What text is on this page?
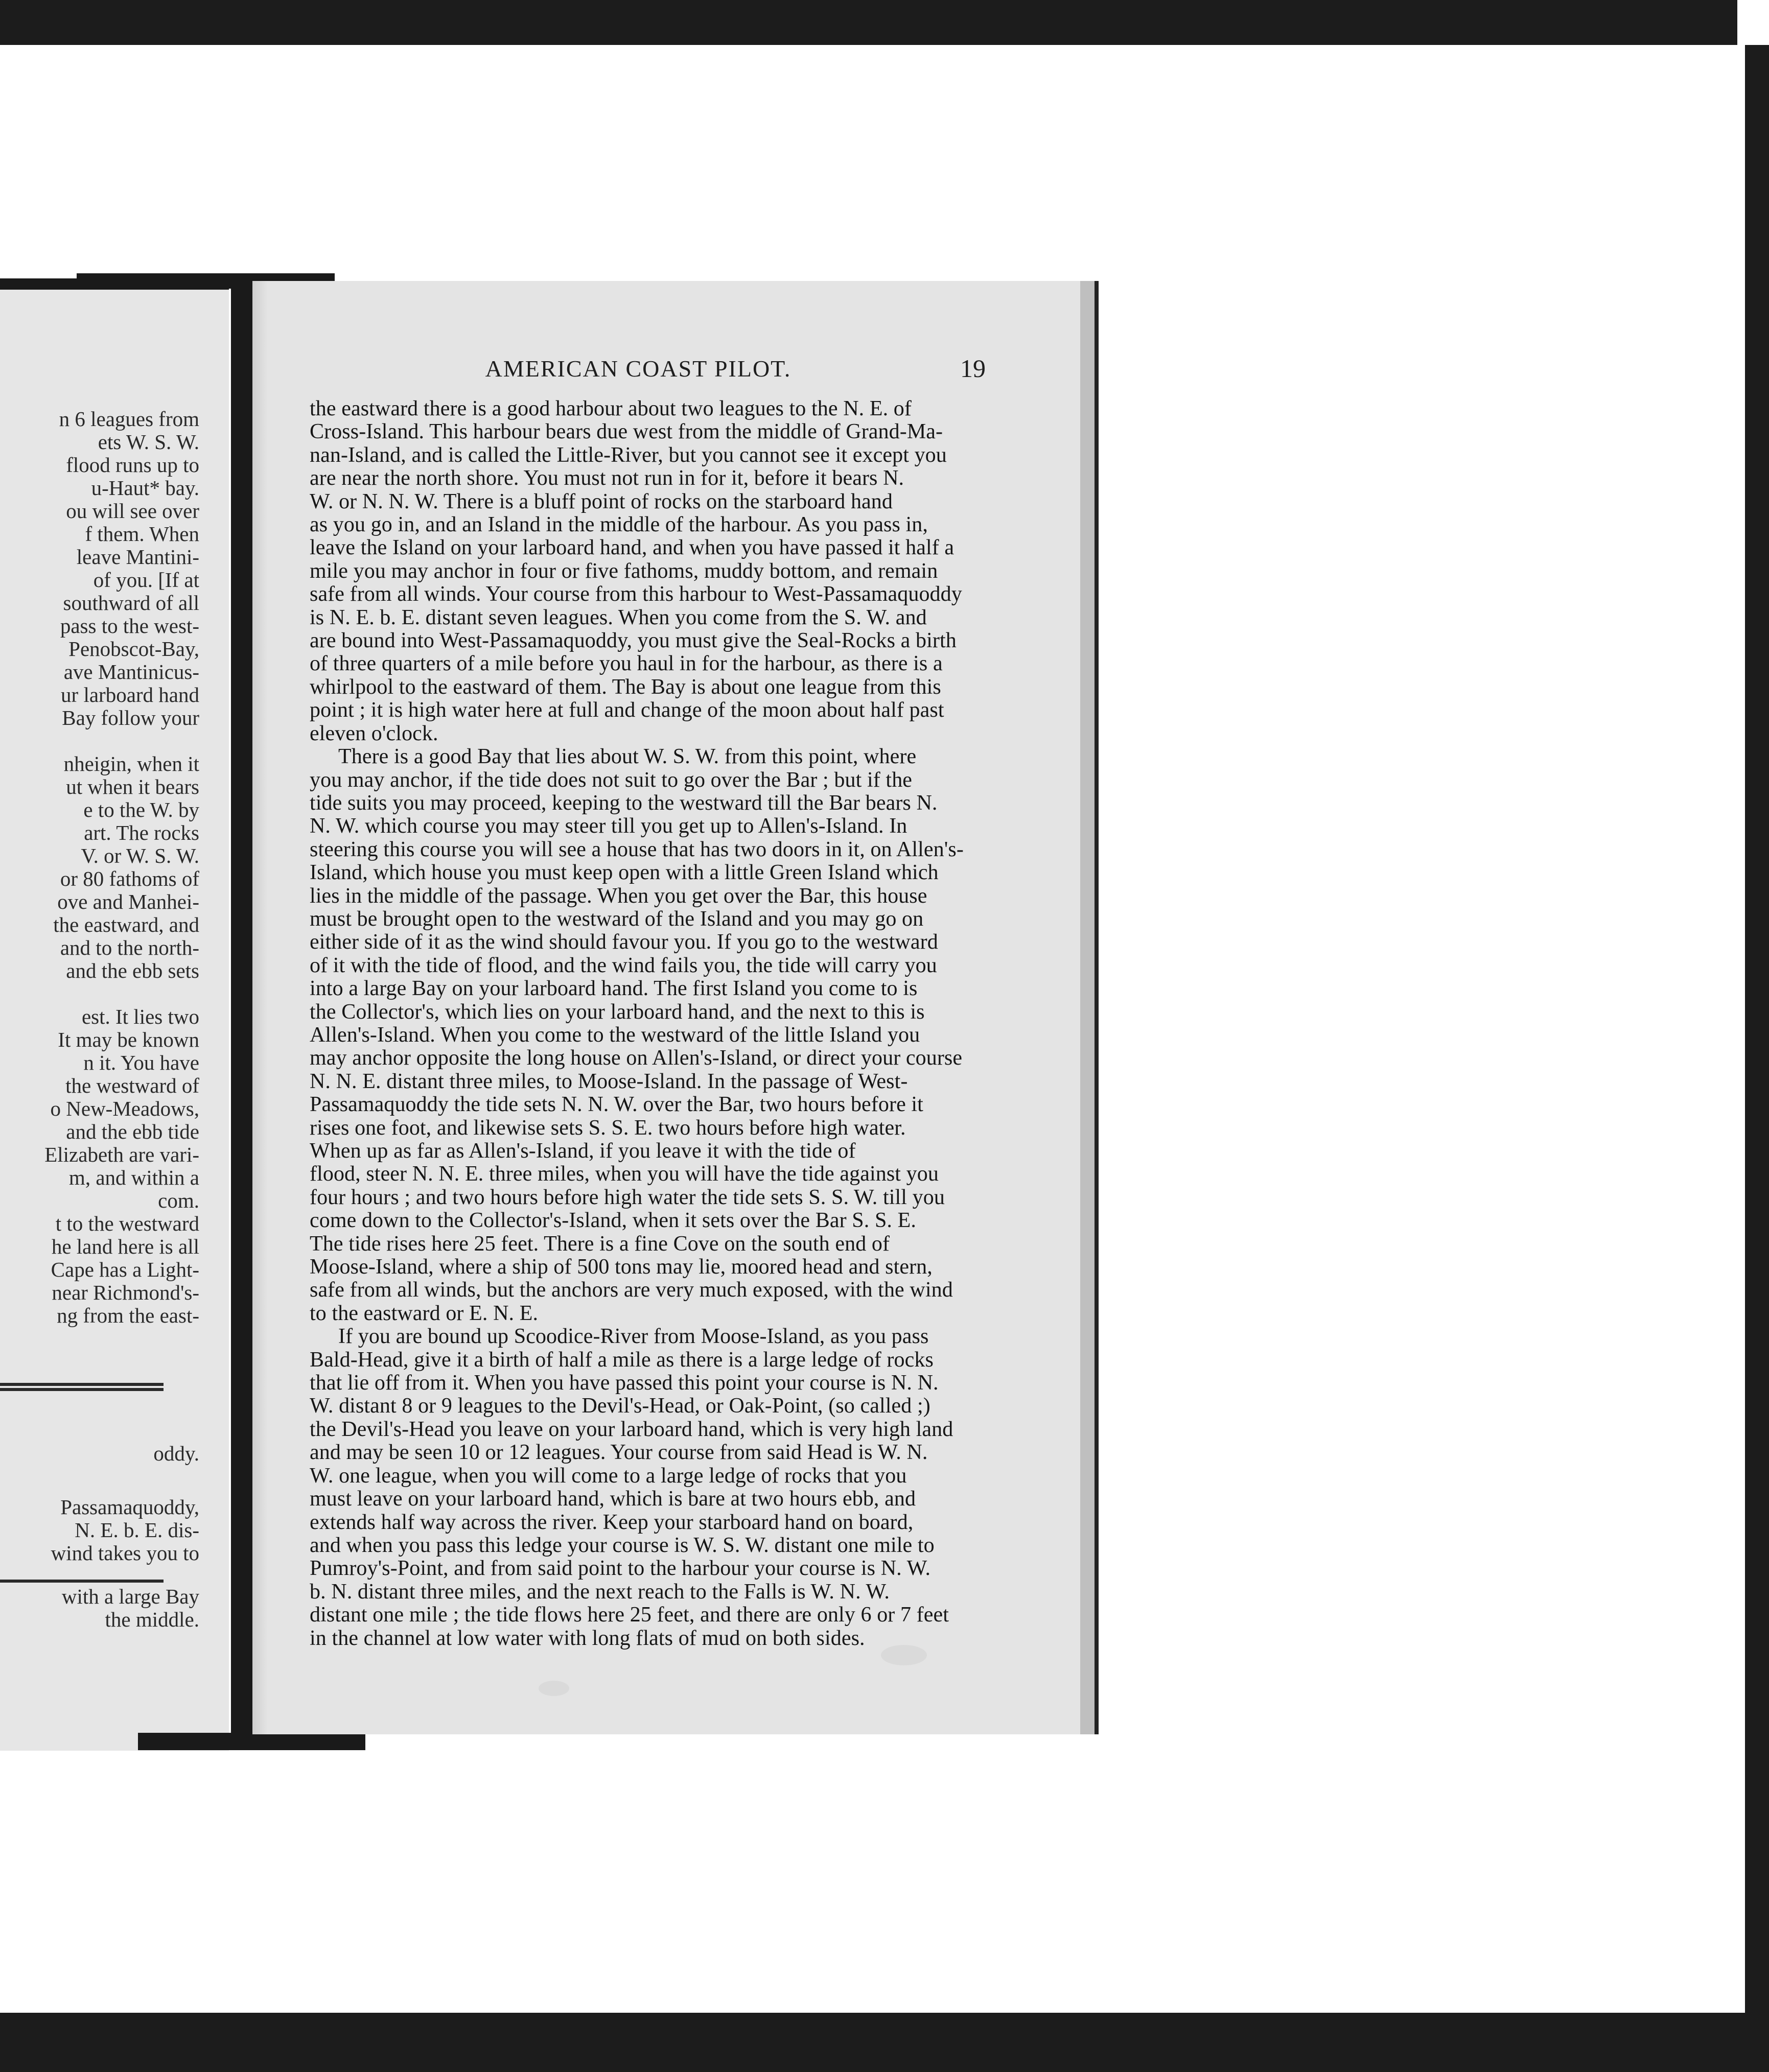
n 6 leagues from
ets W. S. W.
flood runs up to
u-Haut* bay.
ou will see over
f them. When
leave Mantini-
of you. [If at
southward of all
pass to the west-
Penobscot-Bay,
ave Mantinicus-
ur larboard hand
Bay follow your
nheigin, when it
ut when it bears
e to the W. by
art. The rocks
V. or W. S. W.
or 80 fathoms of
ove and Manhei-
the eastward, and
and to the north-
and the ebb sets
est. It lies two
It may be known
n it. You have
the westward of
o New-Meadows,
and the ebb tide
Elizabeth are vari-
m, and within a
com.
t to the westward
he land here is all
Cape has a Light-
near Richmond's-
ng from the east-
oddy.
Passamaquoddy,
N. E. b. E. dis-
wind takes you to
with a large Bay
the middle.
AMERICAN COAST PILOT.	19
the eastward there is a good harbour about two leagues to the N. E. of
Cross-Island. This harbour bears due west from the middle of Grand-Ma-
nan-Island, and is called the Little-River, but you cannot see it except you
are near the north shore. You must not run in for it, before it bears N.
W. or N. N. W. There is a bluff point of rocks on the starboard hand
as you go in, and an Island in the middle of the harbour. As you pass in,
leave the Island on your larboard hand, and when you have passed it half a
mile you may anchor in four or five fathoms, muddy bottom, and remain
safe from all winds. Your course from this harbour to West-Passamaquoddy
is N. E. b. E. distant seven leagues. When you come from the S. W. and
are bound into West-Passamaquoddy, you must give the Seal-Rocks a birth
of three quarters of a mile before you haul in for the harbour, as there is a
whirlpool to the eastward of them. The Bay is about one league from this
point ; it is high water here at full and change of the moon about half past
eleven o'clock.
There is a good Bay that lies about W. S. W. from this point, where
you may anchor, if the tide does not suit to go over the Bar ; but if the
tide suits you may proceed, keeping to the westward till the Bar bears N.
N. W. which course you may steer till you get up to Allen's-Island. In
steering this course you will see a house that has two doors in it, on Allen's-
Island, which house you must keep open with a little Green Island which
lies in the middle of the passage. When you get over the Bar, this house
must be brought open to the westward of the Island and you may go on
either side of it as the wind should favour you. If you go to the westward
of it with the tide of flood, and the wind fails you, the tide will carry you
into a large Bay on your larboard hand. The first Island you come to is
the Collector's, which lies on your larboard hand, and the next to this is
Allen's-Island. When you come to the westward of the little Island you
may anchor opposite the long house on Allen's-Island, or direct your course
N. N. E. distant three miles, to Moose-Island. In the passage of West-
Passamaquoddy the tide sets N. N. W. over the Bar, two hours before it
rises one foot, and likewise sets S. S. E. two hours before high water.
When up as far as Allen's-Island, if you leave it with the tide of
flood, steer N. N. E. three miles, when you will have the tide against you
four hours ; and two hours before high water the tide sets S. S. W. till you
come down to the Collector's-Island, when it sets over the Bar S. S. E.
The tide rises here 25 feet. There is a fine Cove on the south end of
Moose-Island, where a ship of 500 tons may lie, moored head and stern,
safe from all winds, but the anchors are very much exposed, with the wind
to the eastward or E. N. E.
If you are bound up Scoodice-River from Moose-Island, as you pass
Bald-Head, give it a birth of half a mile as there is a large ledge of rocks
that lie off from it. When you have passed this point your course is N. N.
W. distant 8 or 9 leagues to the Devil's-Head, or Oak-Point, (so called ;)
the Devil's-Head you leave on your larboard hand, which is very high land
and may be seen 10 or 12 leagues. Your course from said Head is W. N.
W. one league, when you will come to a large ledge of rocks that you
must leave on your larboard hand, which is bare at two hours ebb, and
extends half way across the river. Keep your starboard hand on board,
and when you pass this ledge your course is W. S. W. distant one mile to
Pumroy's-Point, and from said point to the harbour your course is N. W.
b. N. distant three miles, and the next reach to the Falls is W. N. W.
distant one mile ; the tide flows here 25 feet, and there are only 6 or 7 feet
in the channel at low water with long flats of mud on both sides.
